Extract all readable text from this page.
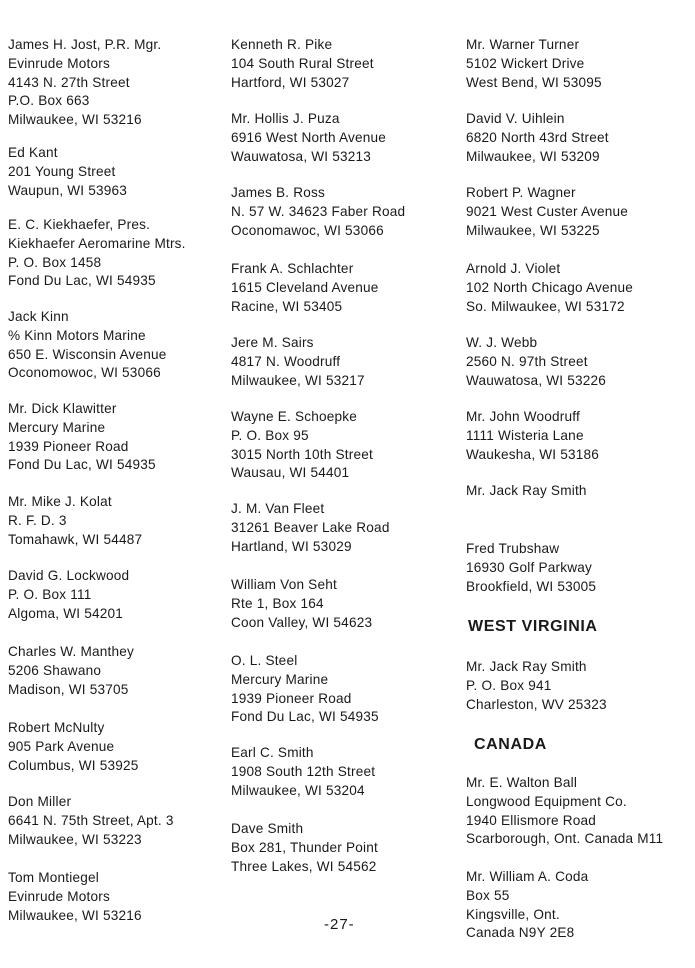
James H. Jost, P.R. Mgr.
Evinrude Motors
4143 N. 27th Street
P.O. Box 663
Milwaukee, WI 53216
Ed Kant
201 Young Street
Waupun, WI 53963
E. C. Kiekhaefer, Pres.
Kiekhaefer Aeromarine Mtrs.
P. O. Box 1458
Fond Du Lac, WI 54935
Jack Kinn
% Kinn Motors Marine
650 E. Wisconsin Avenue
Oconomowoc, WI 53066
Mr. Dick Klawitter
Mercury Marine
1939 Pioneer Road
Fond Du Lac, WI 54935
Mr. Mike J. Kolat
R. F. D. 3
Tomahawk, WI 54487
David G. Lockwood
P. O. Box 111
Algoma, WI 54201
Charles W. Manthey
5206 Shawano
Madison, WI 53705
Robert McNulty
905 Park Avenue
Columbus, WI 53925
Don Miller
6641 N. 75th Street, Apt. 3
Milwaukee, WI 53223
Tom Montiegel
Evinrude Motors
Milwaukee, WI 53216
Kenneth R. Pike
104 South Rural Street
Hartford, WI 53027
Mr. Hollis J. Puza
6916 West North Avenue
Wauwatosa, WI 53213
James B. Ross
N. 57 W. 34623 Faber Road
Oconomawoc, WI 53066
Frank A. Schlachter
1615 Cleveland Avenue
Racine, WI 53405
Jere M. Sairs
4817 N. Woodruff
Milwaukee, WI 53217
Wayne E. Schoepke
P. O. Box 95
3015 North 10th Street
Wausau, WI 54401
J. M. Van Fleet
31261 Beaver Lake Road
Hartland, WI 53029
William Von Seht
Rte 1, Box 164
Coon Valley, WI 54623
O. L. Steel
Mercury Marine
1939 Pioneer Road
Fond Du Lac, WI 54935
Earl C. Smith
1908 South 12th Street
Milwaukee, WI 53204
Dave Smith
Box 281, Thunder Point
Three Lakes, WI 54562
Mr. Warner Turner
5102 Wickert Drive
West Bend, WI 53095
David V. Uihlein
6820 North 43rd Street
Milwaukee, WI 53209
Robert P. Wagner
9021 West Custer Avenue
Milwaukee, WI 53225
Arnold J. Violet
102 North Chicago Avenue
So. Milwaukee, WI 53172
W. J. Webb
2560 N. 97th Street
Wauwatosa, WI 53226
Mr. John Woodruff
1111 Wisteria Lane
Waukesha, WI 53186
Mr. Jack Ray Smith
Fred Trubshaw
16930 Golf Parkway
Brookfield, WI 53005
WEST VIRGINIA
Mr. Jack Ray Smith
P. O. Box 941
Charleston, WV 25323
CANADA
Mr. E. Walton Ball
Longwood Equipment Co.
1940 Ellismore Road
Scarborough, Ont. Canada M11
Mr. William A. Coda
Box 55
Kingsville, Ont.
Canada N9Y 2E8
-27-
